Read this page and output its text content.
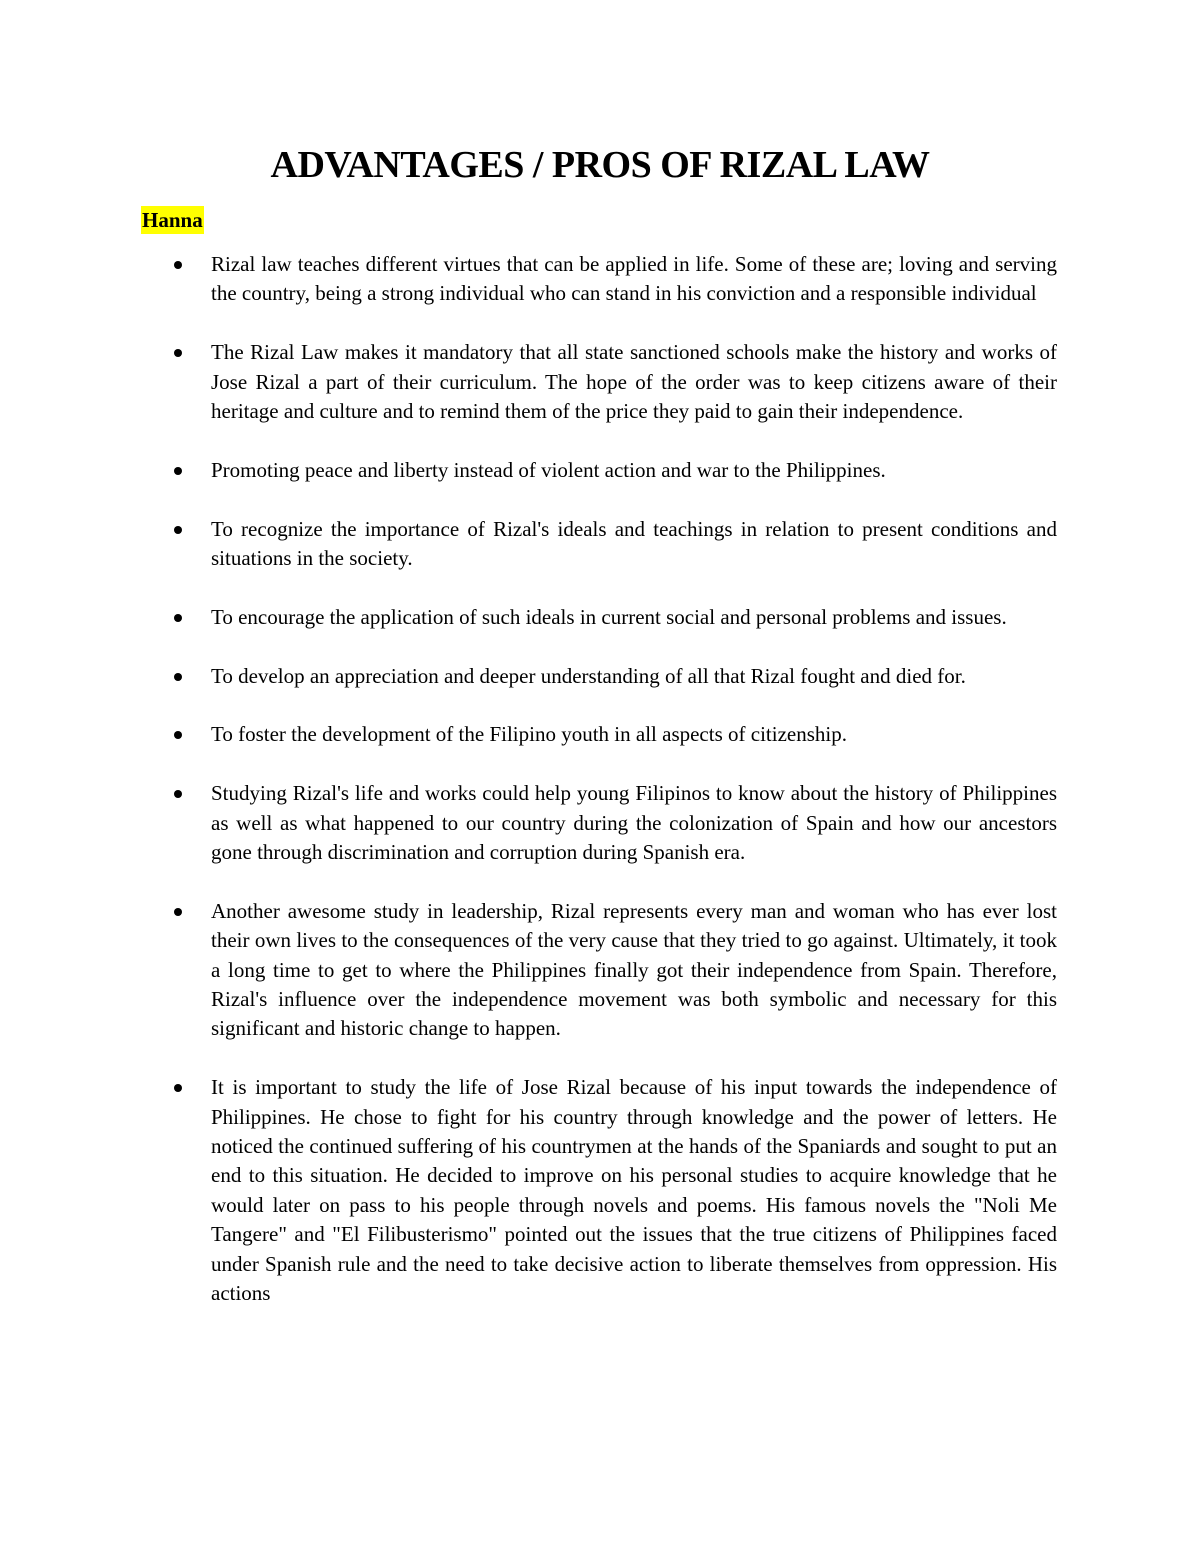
ADVANTAGES / PROS OF RIZAL LAW
Hanna
Rizal law teaches different virtues that can be applied in life. Some of these are; loving and serving the country, being a strong individual who can stand in his conviction and a responsible individual
The Rizal Law makes it mandatory that all state sanctioned schools make the history and works of Jose Rizal a part of their curriculum. The hope of the order was to keep citizens aware of their heritage and culture and to remind them of the price they paid to gain their independence.
Promoting peace and liberty instead of violent action and war to the Philippines.
To recognize the importance of Rizal's ideals and teachings in relation to present conditions and situations in the society.
To encourage the application of such ideals in current social and personal problems and issues.
To develop an appreciation and deeper understanding of all that Rizal fought and died for.
To foster the development of the Filipino youth in all aspects of citizenship.
Studying Rizal's life and works could help young Filipinos to know about the history of Philippines as well as what happened to our country during the colonization of Spain and how our ancestors gone through discrimination and corruption during Spanish era.
Another awesome study in leadership, Rizal represents every man and woman who has ever lost their own lives to the consequences of the very cause that they tried to go against. Ultimately, it took a long time to get to where the Philippines finally got their independence from Spain. Therefore, Rizal's influence over the independence movement was both symbolic and necessary for this significant and historic change to happen.
It is important to study the life of Jose Rizal because of his input towards the independence of Philippines. He chose to fight for his country through knowledge and the power of letters. He noticed the continued suffering of his countrymen at the hands of the Spaniards and sought to put an end to this situation. He decided to improve on his personal studies to acquire knowledge that he would later on pass to his people through novels and poems. His famous novels the "Noli Me Tangere" and "El Filibusterismo" pointed out the issues that the true citizens of Philippines faced under Spanish rule and the need to take decisive action to liberate themselves from oppression. His actions
